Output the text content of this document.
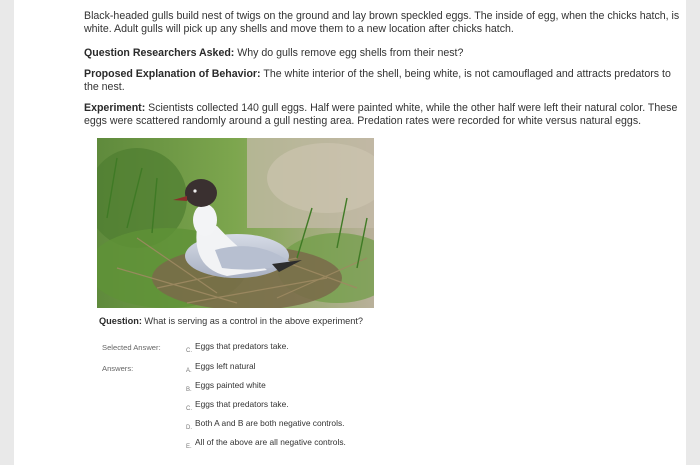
Black-headed gulls build nest of twigs on the ground and lay brown speckled eggs. The inside of egg, when the chicks hatch, is white. Adult gulls will pick up any shells and move them to a new location after chicks hatch.
Question Researchers Asked: Why do gulls remove egg shells from their nest?
Proposed Explanation of Behavior: The white interior of the shell, being white, is not camouflaged and attracts predators to the nest.
Experiment: Scientists collected 140 gull eggs. Half were painted white, while the other half were left their natural color. These eggs were scattered randomly around a gull nesting area. Predation rates were recorded for white versus natural eggs.
Question: What is serving as a control in the above experiment?
Selected Answer:	C. Eggs that predators take.
Answers:	A. Eggs left natural
B. Eggs painted white
C. Eggs that predators take.
D. Both A and B are both negative controls.
E. All of the above are all negative controls.
